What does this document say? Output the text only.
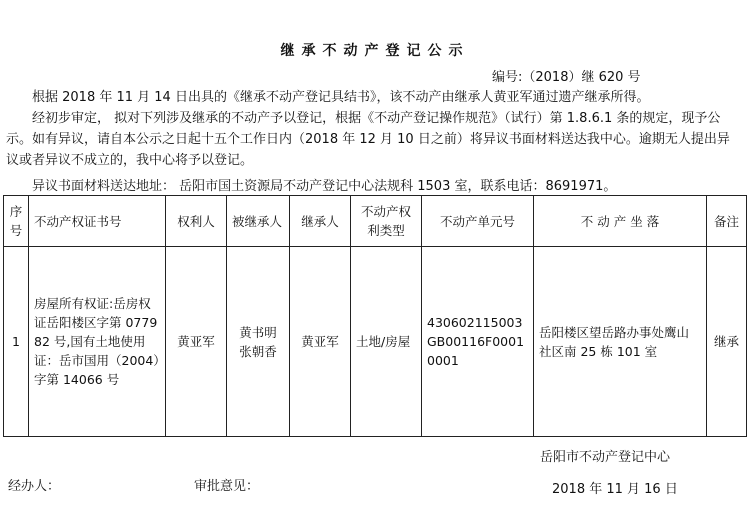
继承不动产登记公示
编号:（2018）继 620 号
根据 2018 年 11 月 14 日出具的《继承不动产登记具结书》，该不动产由继承人黄亚军通过遗产继承所得。
经初步审定， 拟对下列涉及继承的不动产予以登记，根据《不动产登记操作规范》（试行）第 1.8.6.1 条的规定，现予公示。如有异议，请自本公示之日起十五个工作日内（2018 年 12 月 10 日之前）将异议书面材料送达我中心。逾期无人提出异议或者异议不成立的，我中心将予以登记。
异议书面材料送达地址： 岳阳市国土资源局不动产登记中心法规科 1503 室，联系电话：8691971。
序号	不动产权证书号	权利人	被继承人	继承人	不动产权利类型	不动产单元号	不 动 产 坐 落	备注
1	房屋所有权证:岳房权证岳阳楼区字第 077982 号,国有土地使用证：岳市国用（2004）字第 14066 号	黄亚军	黄书明 张朝香	黄亚军	土地/房屋	430602115003GB00116F00010001	岳阳楼区望岳路办事处鹰山社区南 25 栋 101 室	继承
岳阳市不动产登记中心
经办人：	审批意见：	2018 年 11 月 16 日
